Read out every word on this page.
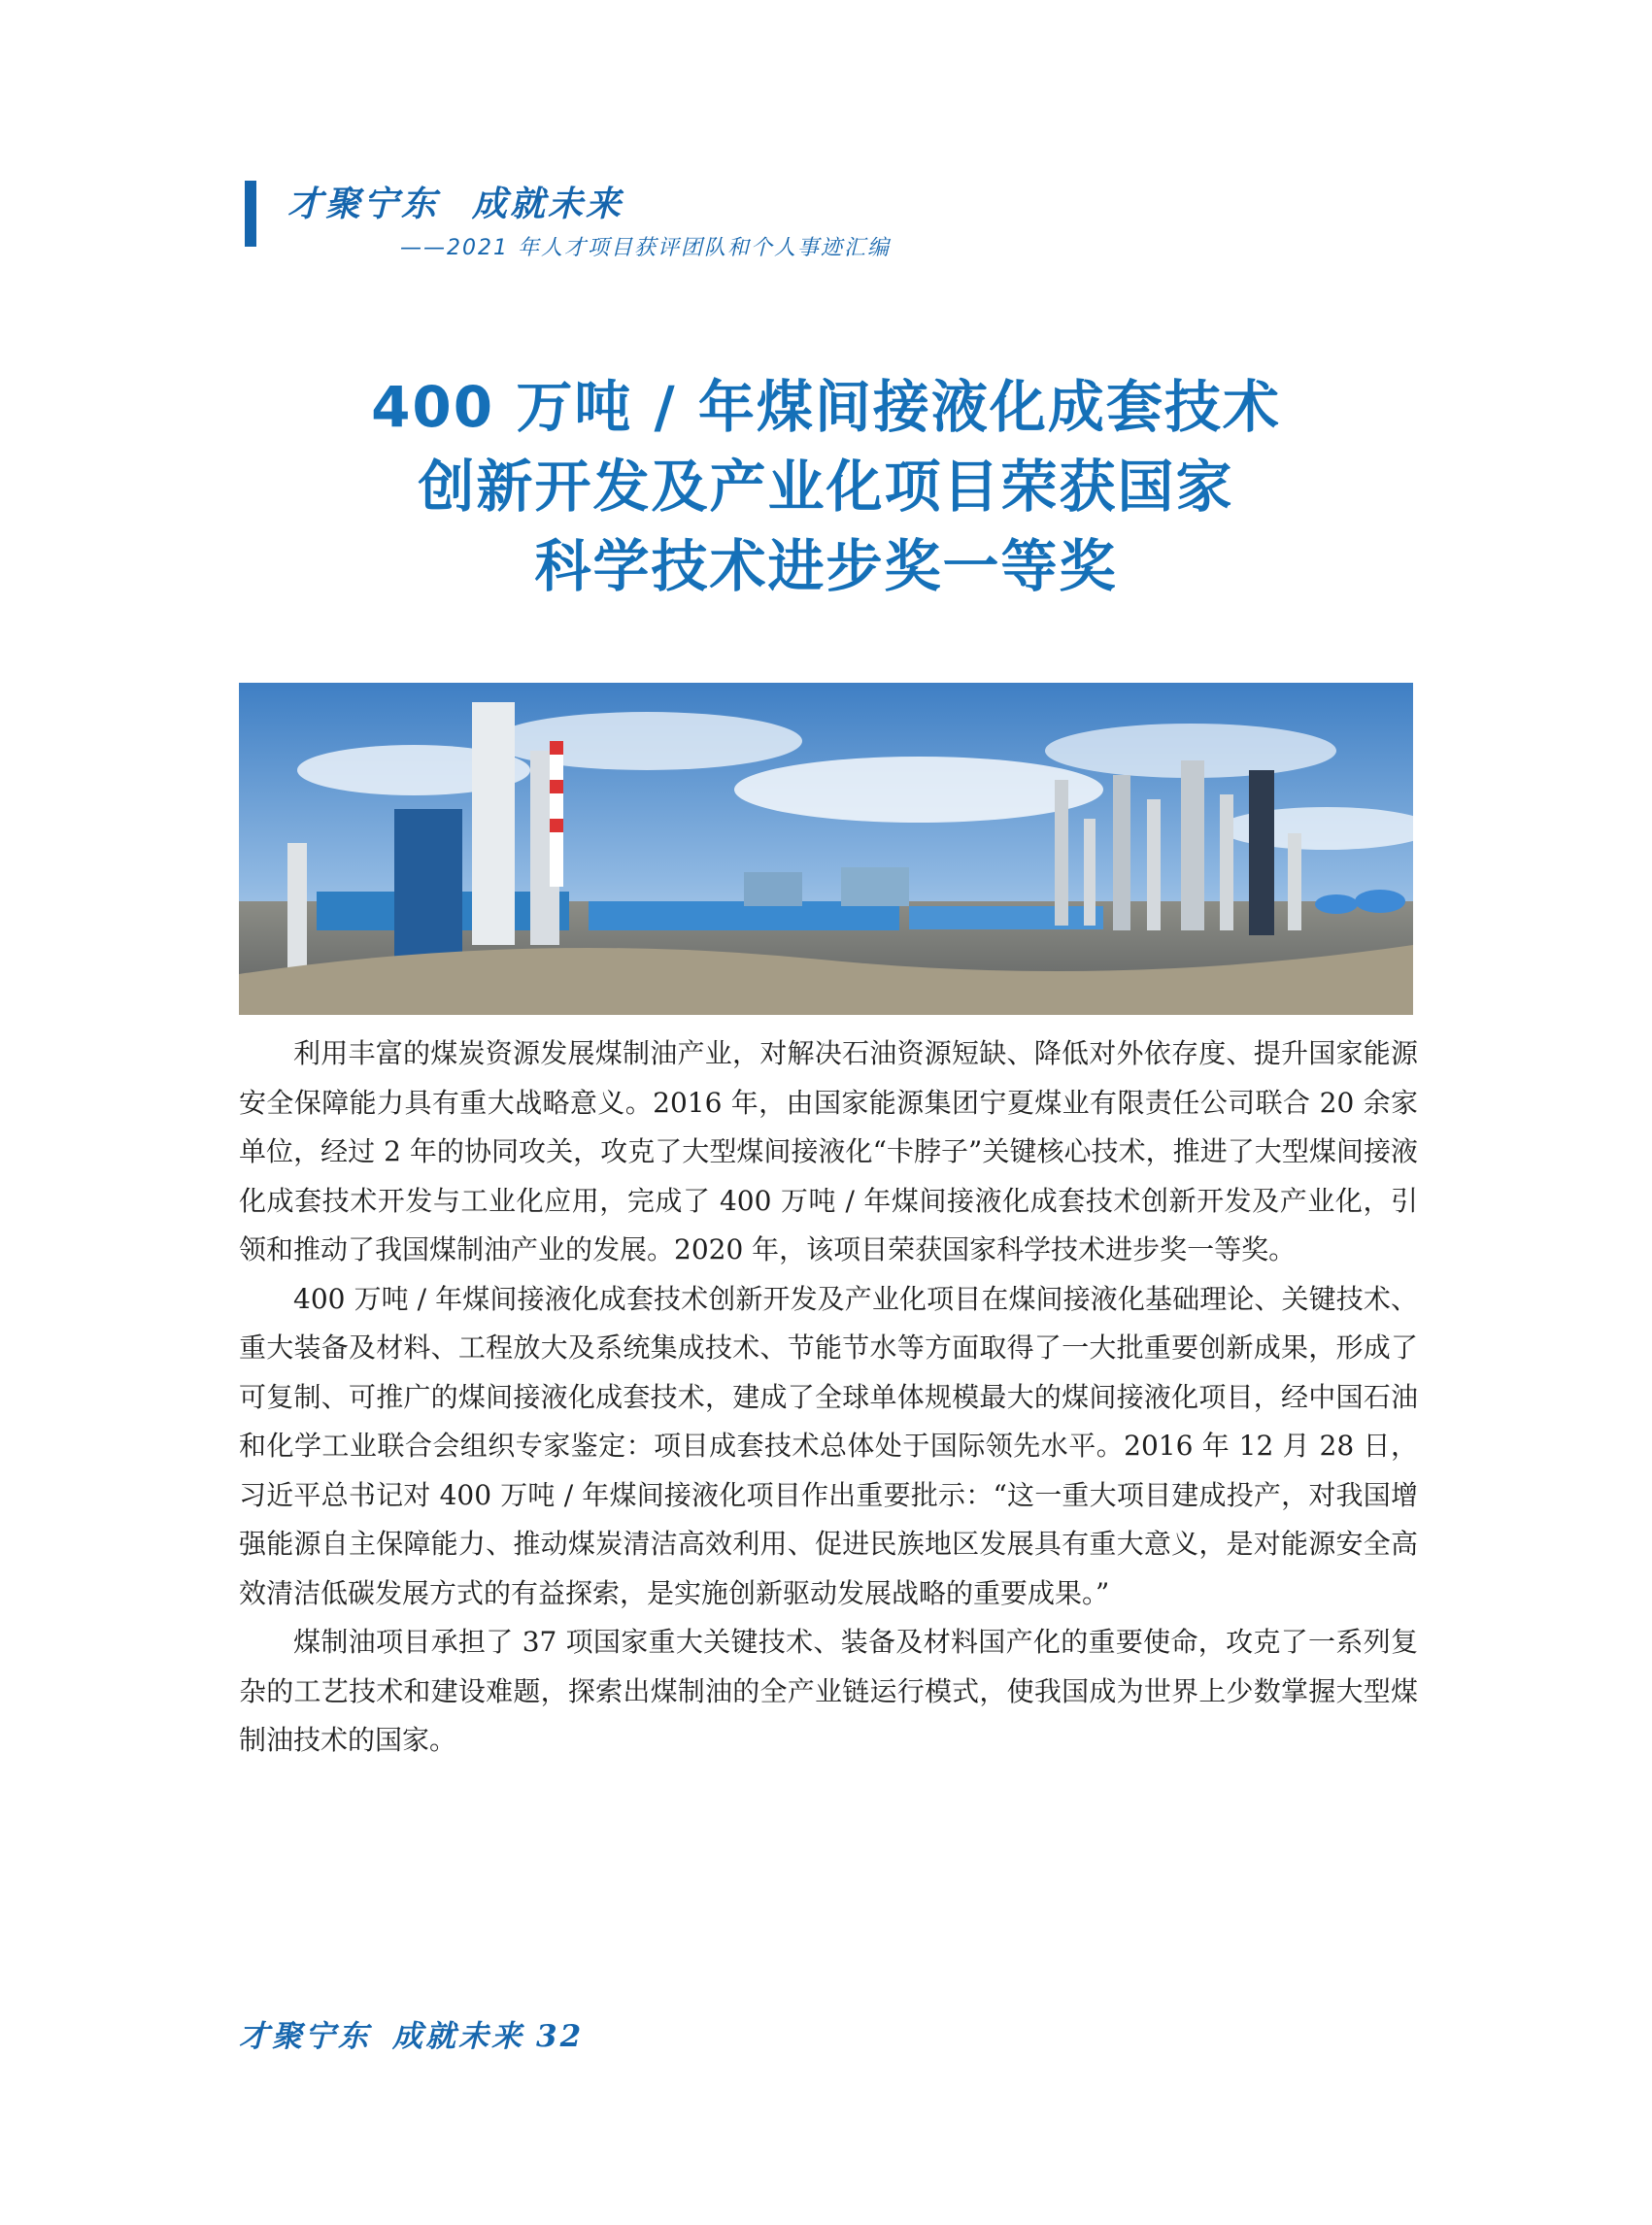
才聚宁东 成就未来
——2021 年人才项目获评团队和个人事迹汇编
400 万吨 / 年煤间接液化成套技术
创新开发及产业化项目荣获国家
科学技术进步奖一等奖

利用丰富的煤炭资源发展煤制油产业，对解决石油资源短缺、降低对外依存度、提升国家能源安全保障能力具有重大战略意义。2016 年，由国家能源集团宁夏煤业有限责任公司联合 20 余家单位，经过 2 年的协同攻关，攻克了大型煤间接液化“卡脖子”关键核心技术，推进了大型煤间接液化成套技术开发与工业化应用，完成了 400 万吨 / 年煤间接液化成套技术创新开发及产业化，引领和推动了我国煤制油产业的发展。2020 年，该项目荣获国家科学技术进步奖一等奖。

400 万吨 / 年煤间接液化成套技术创新开发及产业化项目在煤间接液化基础理论、关键技术、重大装备及材料、工程放大及系统集成技术、节能节水等方面取得了一大批重要创新成果，形成了可复制、可推广的煤间接液化成套技术，建成了全球单体规模最大的煤间接液化项目，经中国石油和化学工业联合会组织专家鉴定：项目成套技术总体处于国际领先水平。2016 年 12 月 28 日，习近平总书记对 400 万吨 / 年煤间接液化项目作出重要批示：“这一重大项目建成投产，对我国增强能源自主保障能力、推动煤炭清洁高效利用、促进民族地区发展具有重大意义，是对能源安全高效清洁低碳发展方式的有益探索，是实施创新驱动发展战略的重要成果。”

煤制油项目承担了 37 项国家重大关键技术、装备及材料国产化的重要使命，攻克了一系列复杂的工艺技术和建设难题，探索出煤制油的全产业链运行模式，使我国成为世界上少数掌握大型煤制油技术的国家。

才聚宁东 成就未来 32
